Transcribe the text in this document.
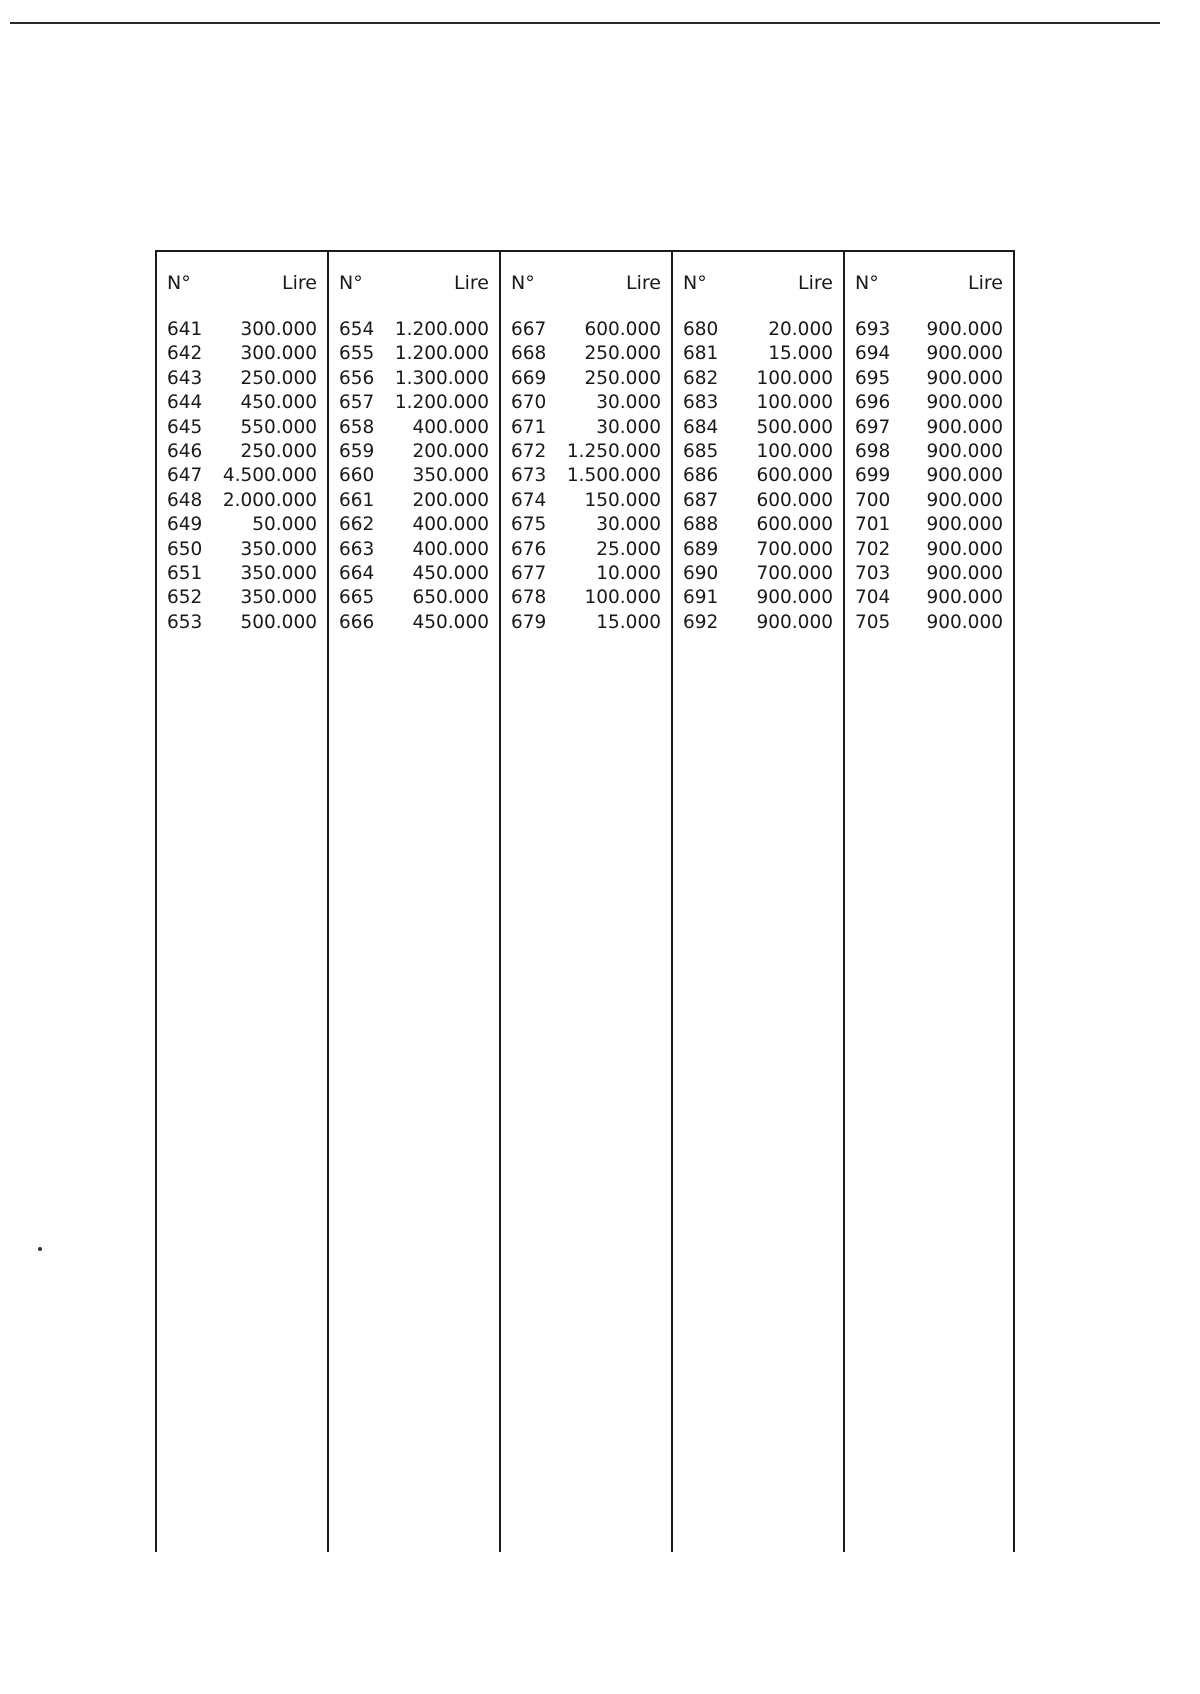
N°	Lire
641 300.000
642 300.000
643 250.000
644 450.000
645 550.000
646 250.000
647 4.500.000
648 2.000.000
649	50.000
650 350.000
651 350.000
652 350.000
653 500.000
N°	Lire
654 1.200.000
655 1.200.000
656 1.300.000
657 1.200.000
658 400.000
659 200.000
660 350.000
661 200.000
662 400.000
663 400.000
664 450.000
665 650.000
666 450.000
N°	Lire
667 600.000
668 250.000
669 250.000
670	30.000
671	30.000
672 1.250.000
673 1.500.000
674 150.000
675	30.000
676	25.000
677	10.000
678 100.000
679	15.000
N°	Lire
680	20.000
681	15.000
682 100.000
683 100.000
684 500.000
685 100.000
686 600.000
687 600.000
688 600.000
689 700.000
690 700.000
691 900.000
692 900.000
N°	Lire
693 900.000
694 900.000
695 900.000
696 900.000
697 900.000
698 900.000
699 900.000
700 900.000
701 900.000
702 900.000
703 900.000
704 900.000
705 900.000
